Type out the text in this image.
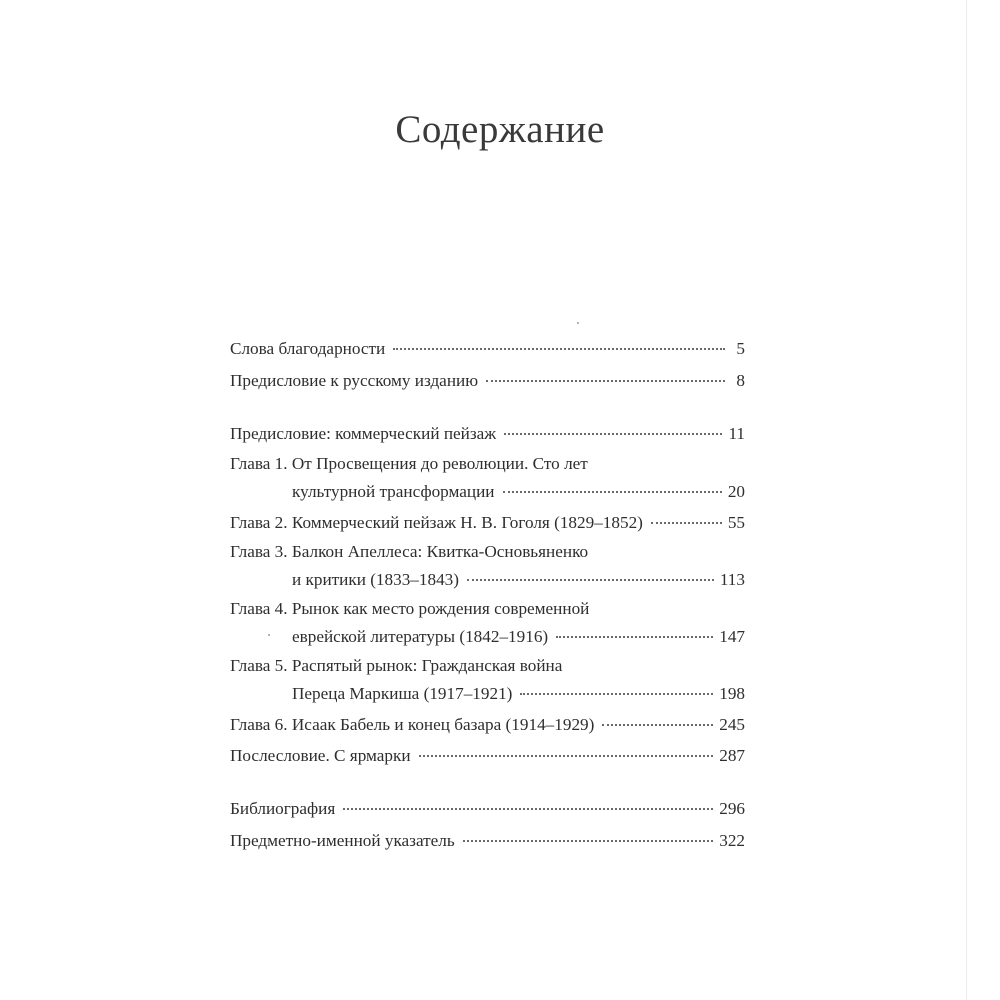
Содержание
Слова благодарности	5
Предисловие к русскому изданию	8
Предисловие: коммерческий пейзаж	11
Глава 1. От Просвещения до революции. Сто лет
культурной трансформации	20
Глава 2. Коммерческий пейзаж Н. В. Гоголя (1829–1852)	55
Глава 3. Балкон Апеллеса: Квитка-Основьяненко
и критики (1833–1843)	113
Глава 4. Рынок как место рождения современной
еврейской литературы (1842–1916)	147
Глава 5. Распятый рынок: Гражданская война
Переца Маркиша (1917–1921)	198
Глава 6. Исаак Бабель и конец базара (1914–1929)	245
Послесловие. С ярмарки	287
Библиография	296
Предметно-именной указатель	322
